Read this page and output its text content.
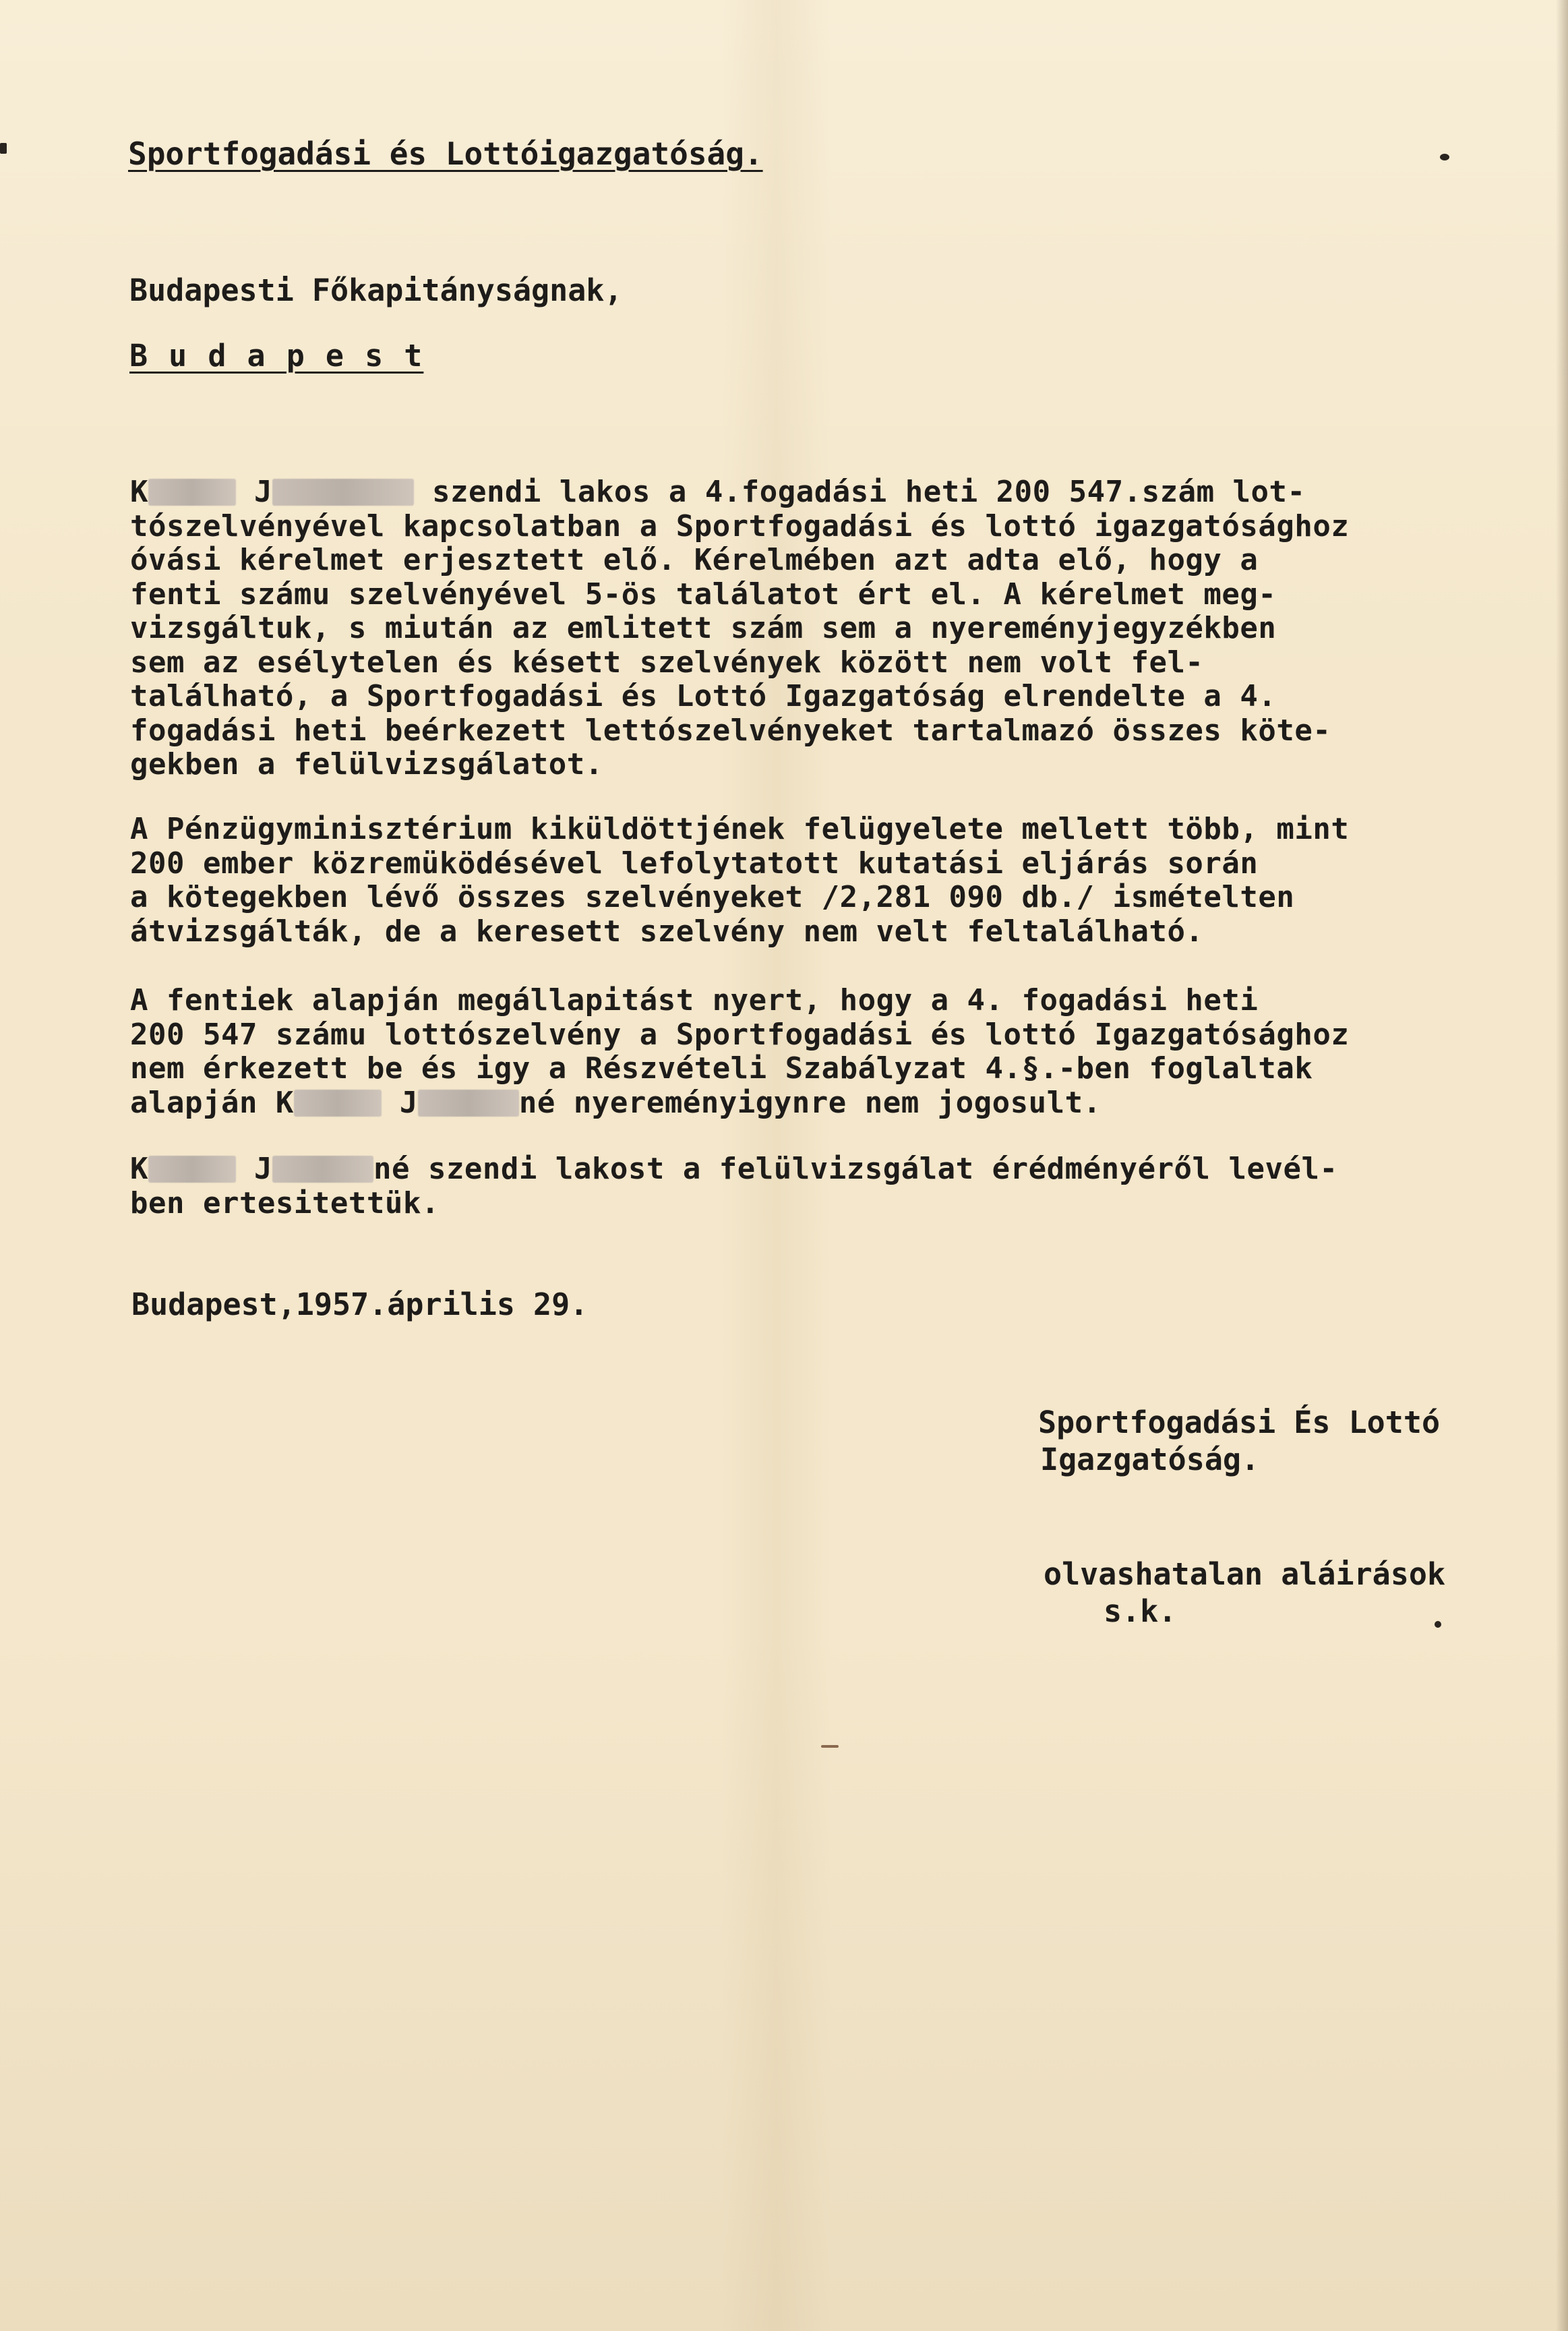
Sportfogadási és Lottóigazgatóság.
Budapesti Főkapitányságnak,
B u d a p e s t
K	J	szendi lakos a 4.fogadási heti 200 547.szám lot-
tószelvényével kapcsolatban a Sportfogadási és lottó igazgatósághoz
óvási kérelmet erjesztett elő. Kérelmében azt adta elő, hogy a
fenti számu szelvényével 5-ös találatot ért el. A kérelmet meg-
vizsgáltuk, s miután az emlitett szám sem a nyereményjegyzékben
sem az esélytelen és késett szelvények között nem volt fel-
található, a Sportfogadási és Lottó Igazgatóság elrendelte a 4.
fogadási heti beérkezett lettószelvényeket tartalmazó összes köte-
gekben a felülvizsgálatot.
A Pénzügyminisztérium kiküldöttjének felügyelete mellett több, mint
200 ember közremüködésével lefolytatott kutatási eljárás során
a kötegekben lévő összes szelvényeket /2,281 090 db./ ismételten
átvizsgálták, de a keresett szelvény nem velt feltalálható.
A fentiek alapján megállapitást nyert, hogy a 4. fogadási heti
200 547 számu lottószelvény a Sportfogadási és lottó Igazgatósághoz
nem érkezett be és igy a Részvételi Szabályzat 4.§.-ben foglaltak
alapján K	J	né nyereményigynre nem jogosult.
K	J	né szendi lakost a felülvizsgálat érédményéről levél-
ben ertesitettük.
Budapest,1957.április 29.
Sportfogadási És Lottó
Igazgatóság.
olvashatalan aláirások
s.k.
